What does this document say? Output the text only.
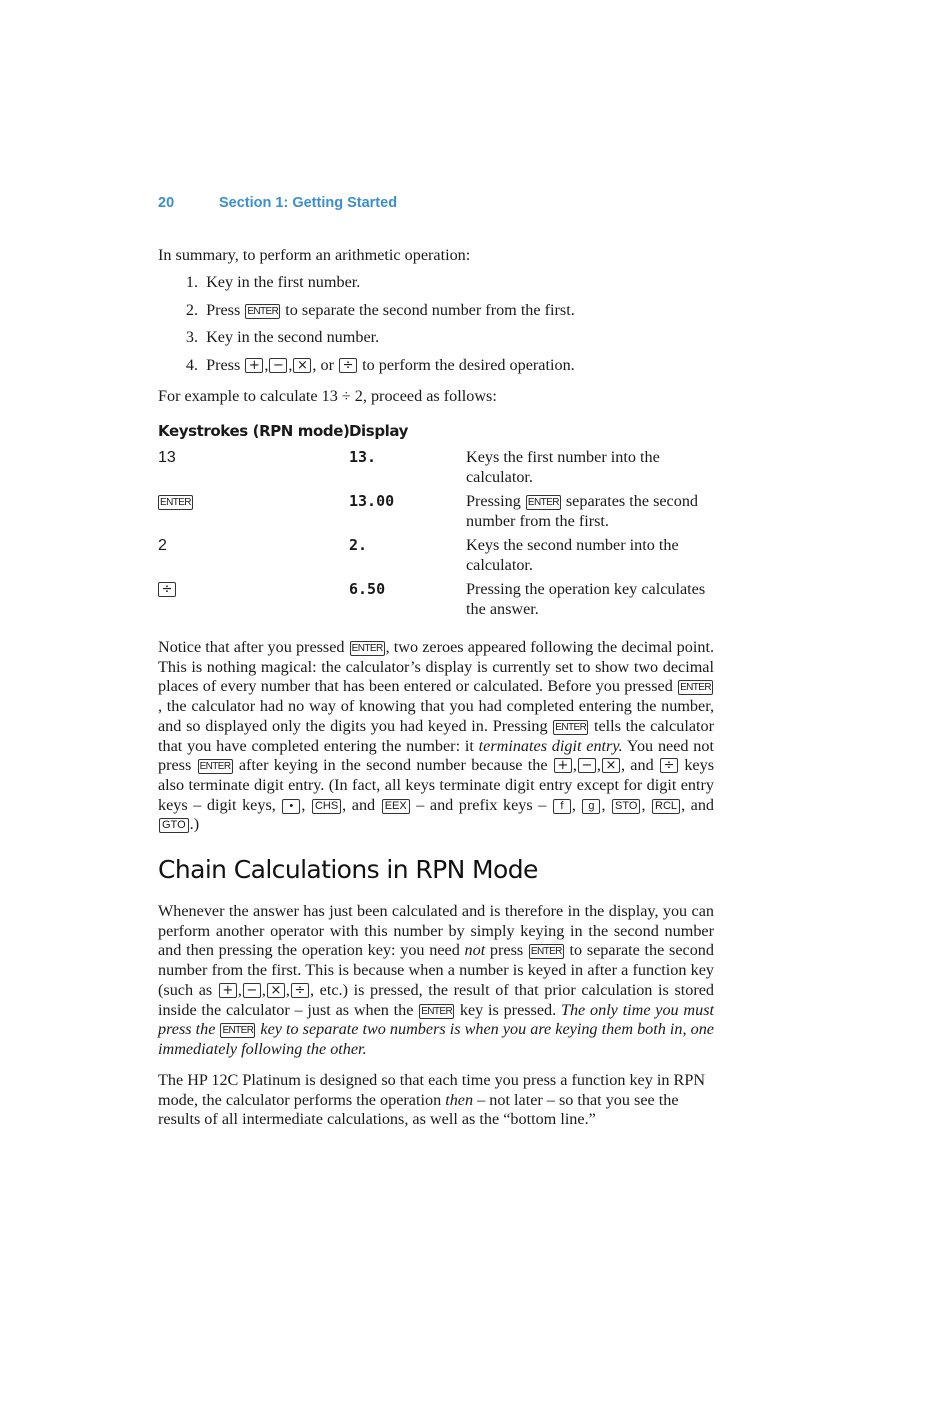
20	Section 1: Getting Started
In summary, to perform an arithmetic operation:
1. Key in the first number.
2. Press ENTER to separate the second number from the first.
3. Key in the second number.
4. Press + , − , × , or ÷ to perform the desired operation.
For example to calculate 13 ÷ 2, proceed as follows:
Keystrokes (RPN mode) Display
13	13.	Keys the first number into the calculator.
ENTER	13.00	Pressing ENTER separates the second number from the first.
2	2.	Keys the second number into the calculator.
÷	6.50	Pressing the operation key calculates the answer.
Notice that after you pressed ENTER , two zeroes appeared following the decimal point. This is nothing magical: the calculator’s display is currently set to show two decimal places of every number that has been entered or calculated. Before you pressed ENTER, the calculator had no way of knowing that you had completed entering the number, and so displayed only the digits you had keyed in. Pressing ENTER tells the calculator that you have completed entering the number: it terminates digit entry. You need not press ENTER after keying in the second number because the + , − , × , and ÷ keys also terminate digit entry. (In fact, all keys terminate digit entry except for digit entry keys – digit keys, • , CHS , and EEX – and prefix keys – f , g , STO , RCL , and GTO .)
Chain Calculations in RPN Mode
Whenever the answer has just been calculated and is therefore in the display, you can perform another operator with this number by simply keying in the second number and then pressing the operation key: you need not press ENTER to separate the second number from the first. This is because when a number is keyed in after a function key (such as + , − , × , ÷ , etc.) is pressed, the result of that prior calculation is stored inside the calculator – just as when the ENTER key is pressed. The only time you must press the ENTER key to separate two numbers is when you are keying them both in, one immediately following the other.
The HP 12C Platinum is designed so that each time you press a function key in RPN mode, the calculator performs the operation then – not later – so that you see the results of all intermediate calculations, as well as the “bottom line.”
